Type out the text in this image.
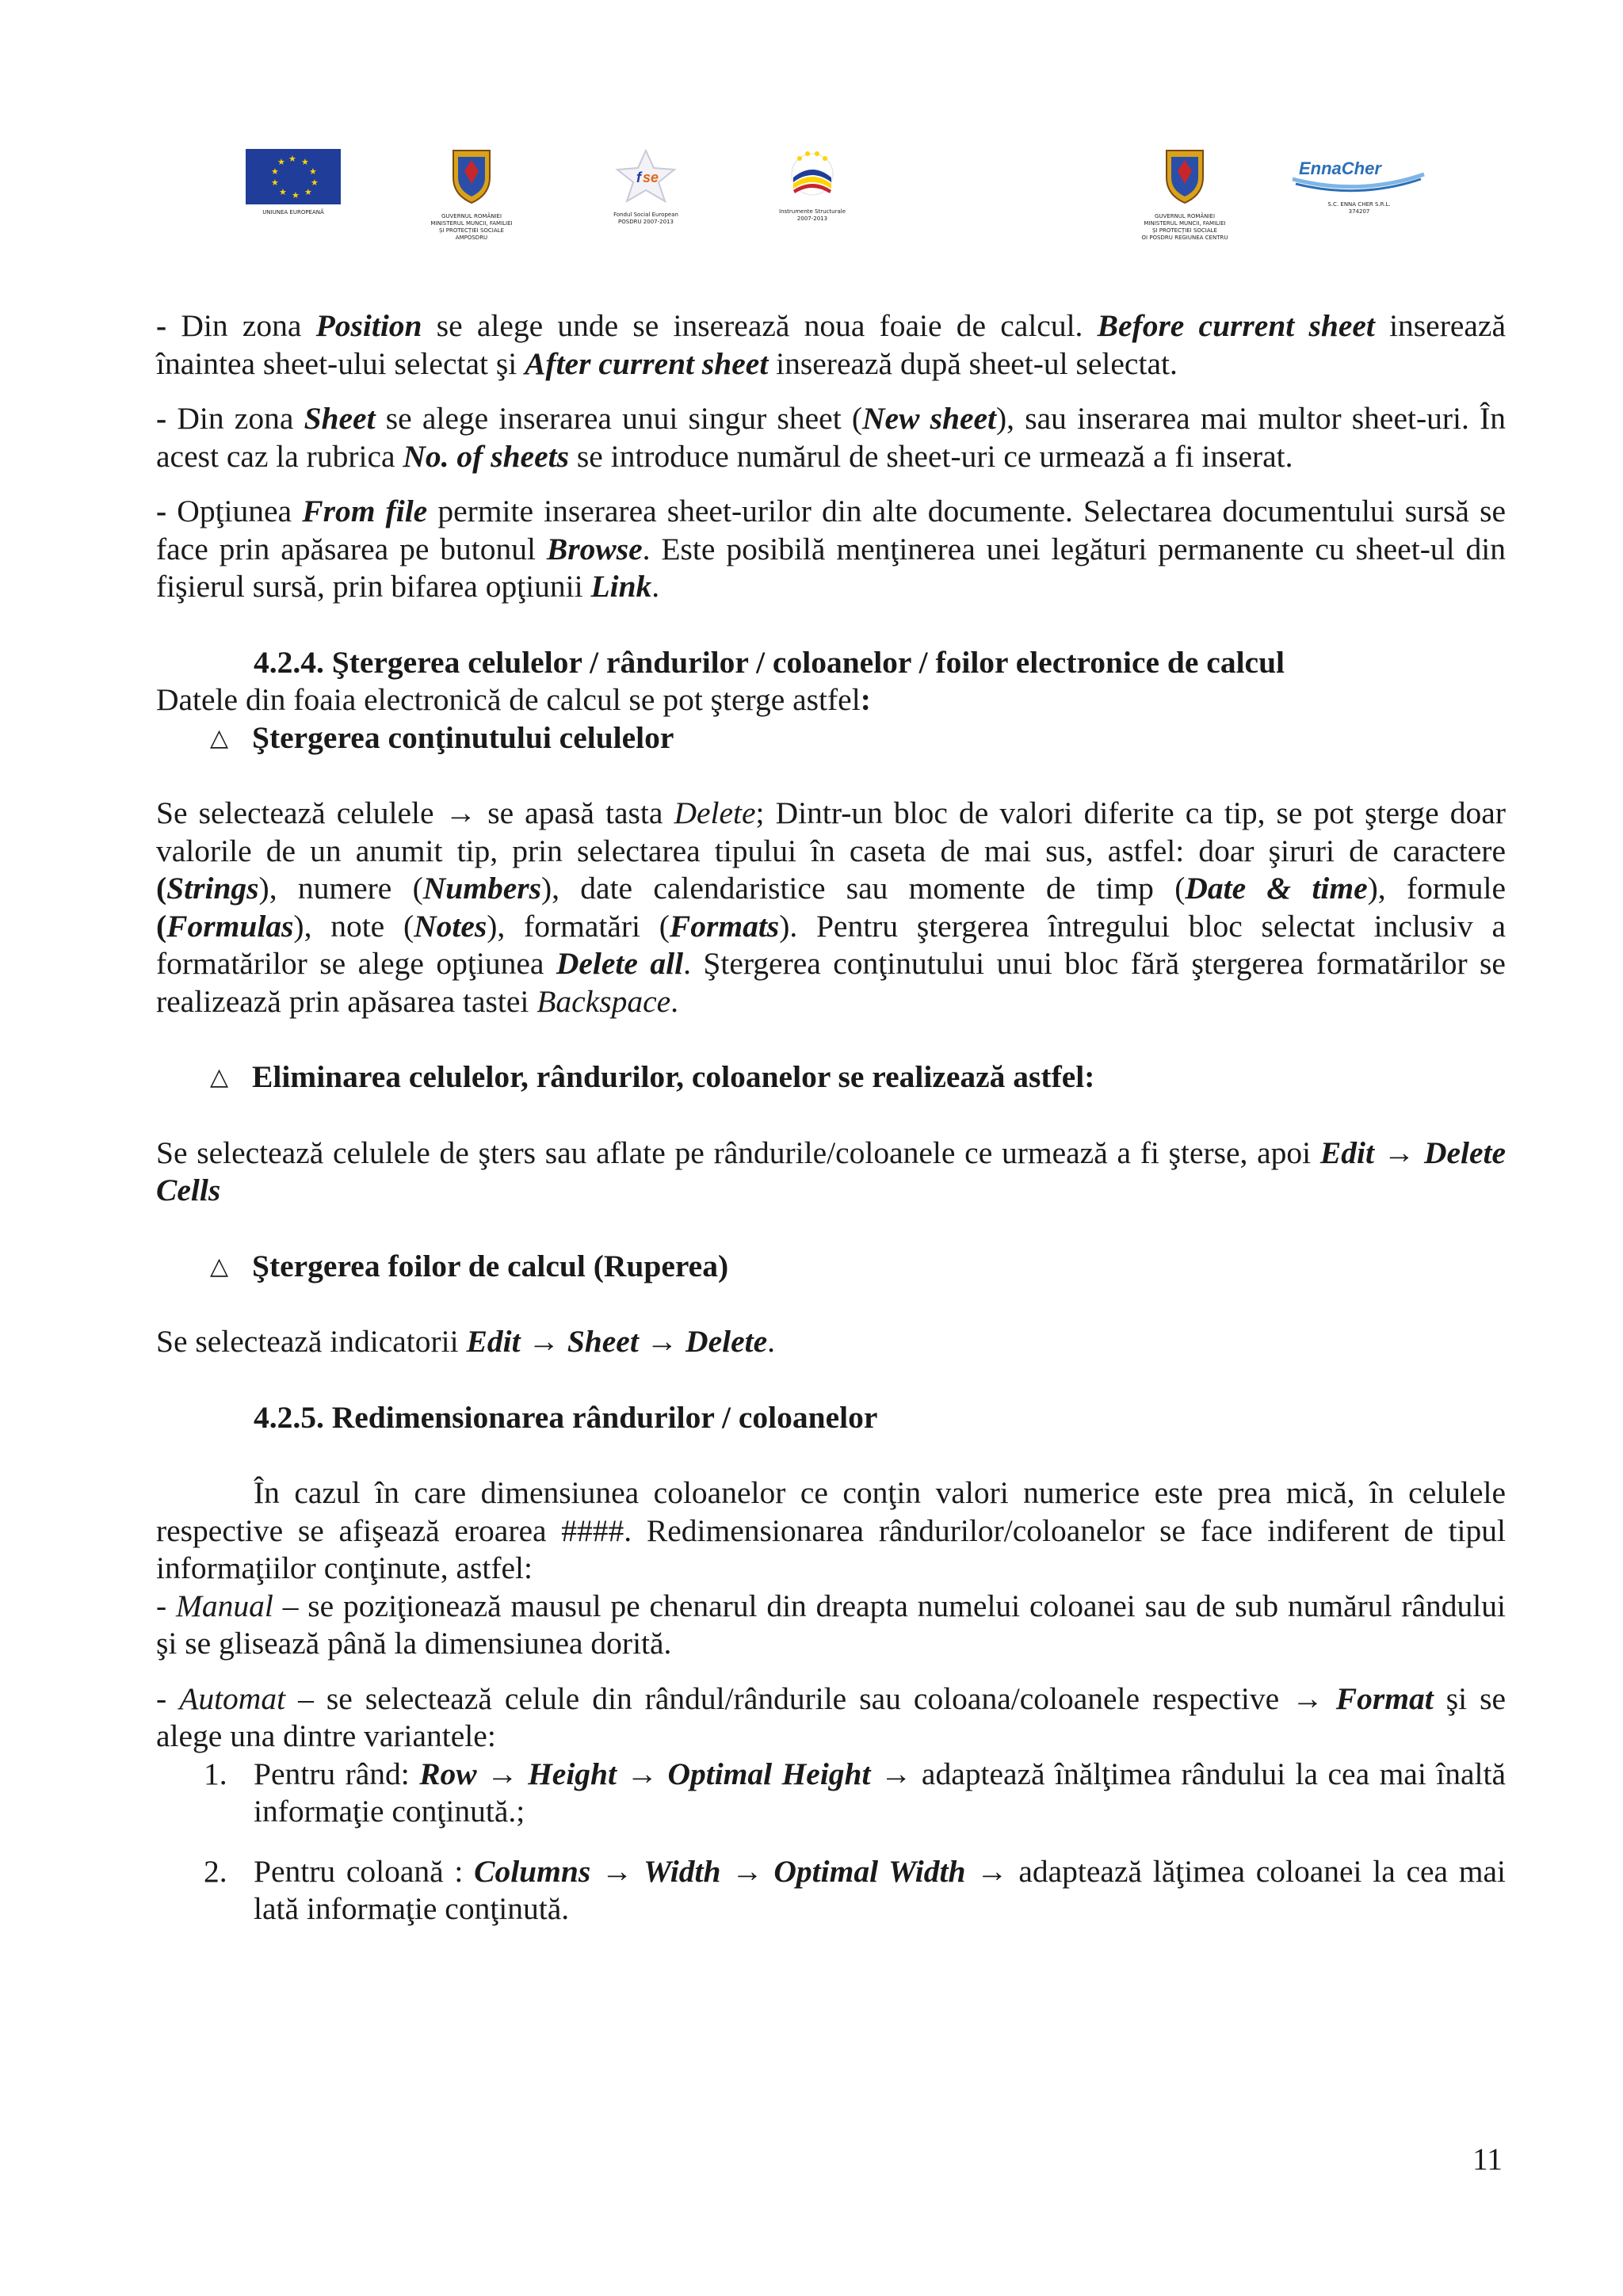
★ ★
★
★
★
★
★
★
★
★
UNIUNEA EUROPEANĂ
GUVERNUL ROMÂNIEI
MINISTERUL MUNCII, FAMILIEI
ȘI PROTECȚIEI SOCIALE
AMPOSDRU
f se
Fondul Social European
POSDRU 2007-2013
Instrumente Structurale
2007-2013	GUVERNUL ROMÂNIEI
MINISTERUL MUNCII, FAMILIEI
ȘI PROTECȚIEI SOCIALE
OI POSDRU REGIUNEA CENTRU
EnnaCher
S.C. ENNA CHER S.R.L.
374207
- Din zona Position se alege unde se inserează noua foaie de calcul. Before current sheet inserează înaintea sheet-ului selectat şi After current sheet inserează după sheet-ul selectat.
- Din zona Sheet se alege inserarea unui singur sheet (New sheet), sau inserarea mai multor sheet-uri. În acest caz la rubrica No. of sheets se introduce numărul de sheet-uri ce urmează a fi inserat.
- Opţiunea From file permite inserarea sheet-urilor din alte documente. Selectarea documentului sursă se face prin apăsarea pe butonul Browse. Este posibilă menţinerea unei legături permanente cu sheet-ul din fişierul sursă, prin bifarea opţiunii Link.
4.2.4. Ştergerea celulelor / rândurilor / coloanelor / foilor electronice de calcul
Datele din foaia electronică de calcul se pot şterge astfel:
△ Ştergerea conţinutului celulelor
Se selectează celulele → se apasă tasta Delete; Dintr-un bloc de valori diferite ca tip, se pot şterge doar valorile de un anumit tip, prin selectarea tipului în caseta de mai sus, astfel: doar şiruri de caractere (Strings), numere (Numbers), date calendaristice sau momente de timp (Date & time), formule (Formulas), note (Notes), formatări (Formats). Pentru ştergerea întregului bloc selectat inclusiv a formatărilor se alege opţiunea Delete all. Ştergerea conţinutului unui bloc fără ştergerea formatărilor se realizează prin apăsarea tastei Backspace.
△ Eliminarea celulelor, rândurilor, coloanelor se realizează astfel:
Se selectează celulele de şters sau aflate pe rândurile/coloanele ce urmează a fi şterse, apoi Edit → Delete Cells
△ Ştergerea foilor de calcul (Ruperea)
Se selectează indicatorii Edit → Sheet → Delete.
4.2.5. Redimensionarea rândurilor / coloanelor
În cazul în care dimensiunea coloanelor ce conţin valori numerice este prea mică, în celulele respective se afişează eroarea ####. Redimensionarea rândurilor/coloanelor se face indiferent de tipul informaţiilor conţinute, astfel:
- Manual – se poziţionează mausul pe chenarul din dreapta numelui coloanei sau de sub numărul rândului şi se glisează până la dimensiunea dorită.
- Automat – se selectează celule din rândul/rândurile sau coloana/coloanele respective → Format şi se alege una dintre variantele:
1. Pentru rând: Row → Height → Optimal Height → adaptează înălţimea rândului la cea mai înaltă informaţie conţinută.;
2. Pentru coloană : Columns → Width → Optimal Width → adaptează lăţimea coloanei la cea mai lată informaţie conţinută.
11
